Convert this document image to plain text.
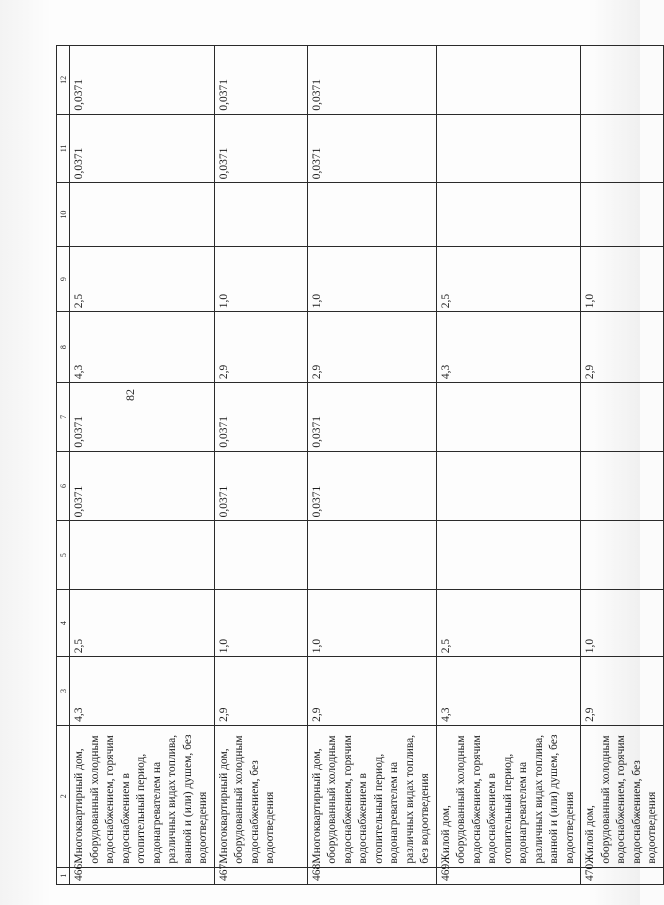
82
1	2	3	4	5	6	7	8	9	10	11	12
466.	Многоквартирный дом, оборудованный холодным водоснабжением, горячим водоснабжением в отопительный период, водонагревателем на различных видах топлива, ванной и (или) душем, без водоотведения	4,3	2,5		0,0371	0,0371	4,3	2,5		0,0371	0,0371
467.	Многоквартирный дом, оборудованный холодным водоснабжением, без водоотведения	2,9	1,0		0,0371	0,0371	2,9	1,0		0,0371	0,0371
468.	Многоквартирный дом, оборудованный холодным водоснабжением, горячим водоснабжением в отопительный период, водонагревателем на различных видах топлива, без водоотведения	2,9	1,0		0,0371	0,0371	2,9	1,0		0,0371	0,0371
469.	Жилой дом, оборудованный холодным водоснабжением, горячим водоснабжением в отопительный период, водонагревателем на различных видах топлива, ванной и (или) душем, без водоотведения	4,3	2,5				4,3	2,5			
470.	Жилой дом, оборудованный холодным водоснабжением, горячим водоснабжением, без водоотведения	2,9	1,0				2,9	1,0			
